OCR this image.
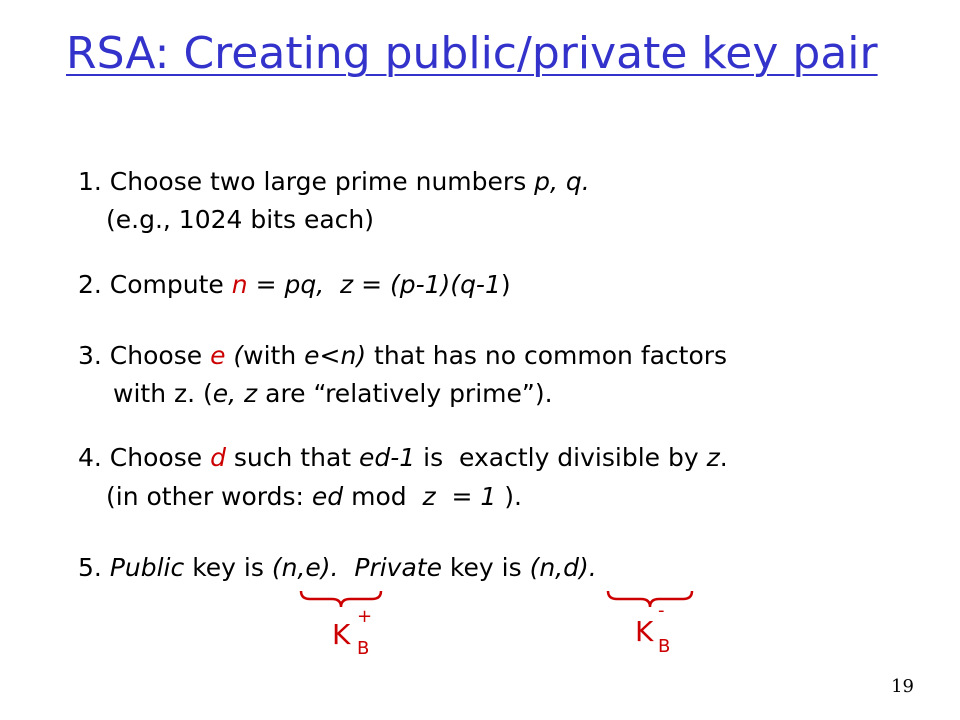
RSA: Creating public/private key pair
1. Choose two large prime numbers p, q.
(e.g., 1024 bits each)
2. Compute n = pq,  z = (p-1)(q-1)
3. Choose e (with e<n) that has no common factors
with z. (e, z are “relatively prime”).
4. Choose d such that ed-1 is  exactly divisible by z.
(in other words: ed mod  z  = 1 ).
5. Public key is (n,e). Private key is (n,d).
K
+
B
K
-
B
19
